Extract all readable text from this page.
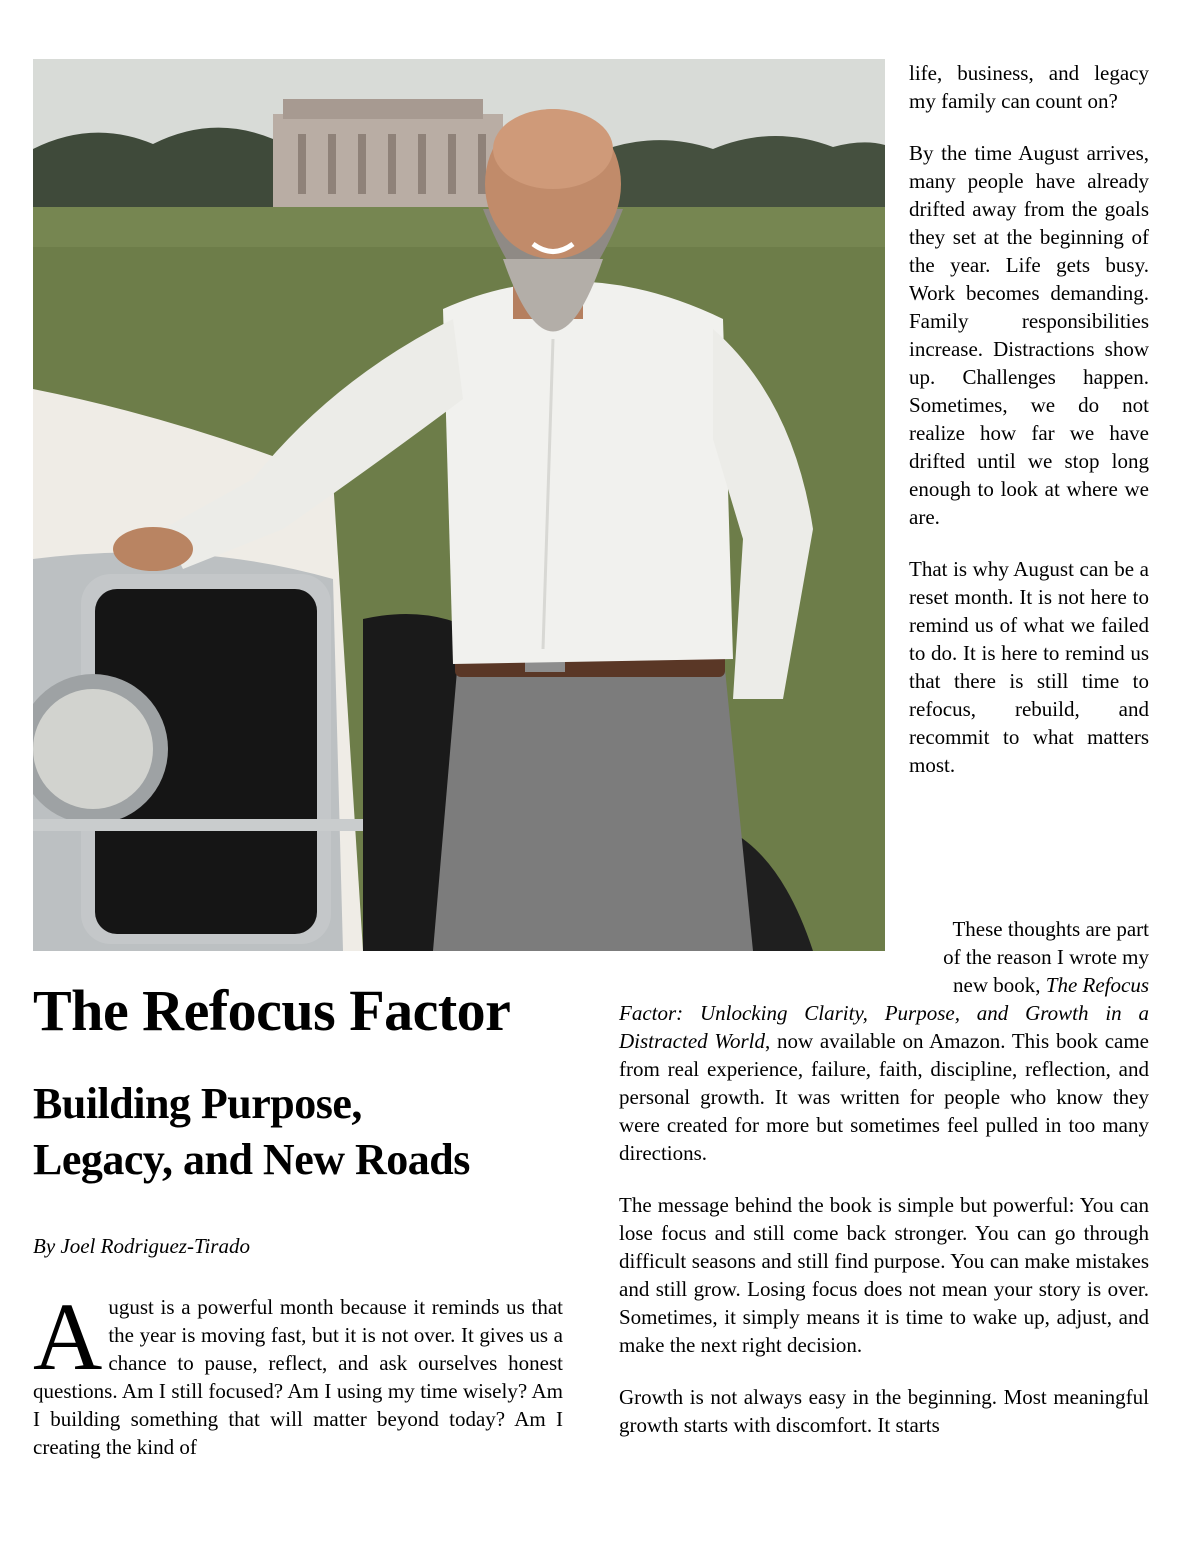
life, business, and legacy my family can count on?

By the time August arrives, many people have already drifted away from the goals they set at the beginning of the year. Life gets busy. Work becomes demanding. Family responsibilities increase. Distractions show up. Challenges happen. Sometimes, we do not realize how far we have drifted until we stop long enough to look at where we are.

That is why August can be a reset month. It is not here to remind us of what we failed to do. It is here to remind us that there is still time to refocus, rebuild, and recommit to what matters most.

These thoughts are part
of the reason I wrote my
new book, The Refocus
The Refocus Factor
Building Purpose,
Legacy, and New Roads

By Joel Rodriguez-Tirado

August is a powerful month because it reminds us that the year is moving fast, but it is not over. It gives us a chance to pause, reflect, and ask ourselves honest questions. Am I still focused? Am I using my time wisely? Am I building something that will matter beyond today? Am I creating the kind of

Factor: Unlocking Clarity, Purpose, and Growth in a Distracted World, now available on Amazon. This book came from real experience, failure, faith, discipline, reflection, and personal growth. It was written for people who know they were created for more but sometimes feel pulled in too many directions.

The message behind the book is simple but powerful: You can lose focus and still come back stronger. You can go through difficult seasons and still find purpose. You can make mistakes and still grow. Losing focus does not mean your story is over. Sometimes, it simply means it is time to wake up, adjust, and make the next right decision.

Growth is not always easy in the beginning. Most meaningful growth starts with discomfort. It starts
